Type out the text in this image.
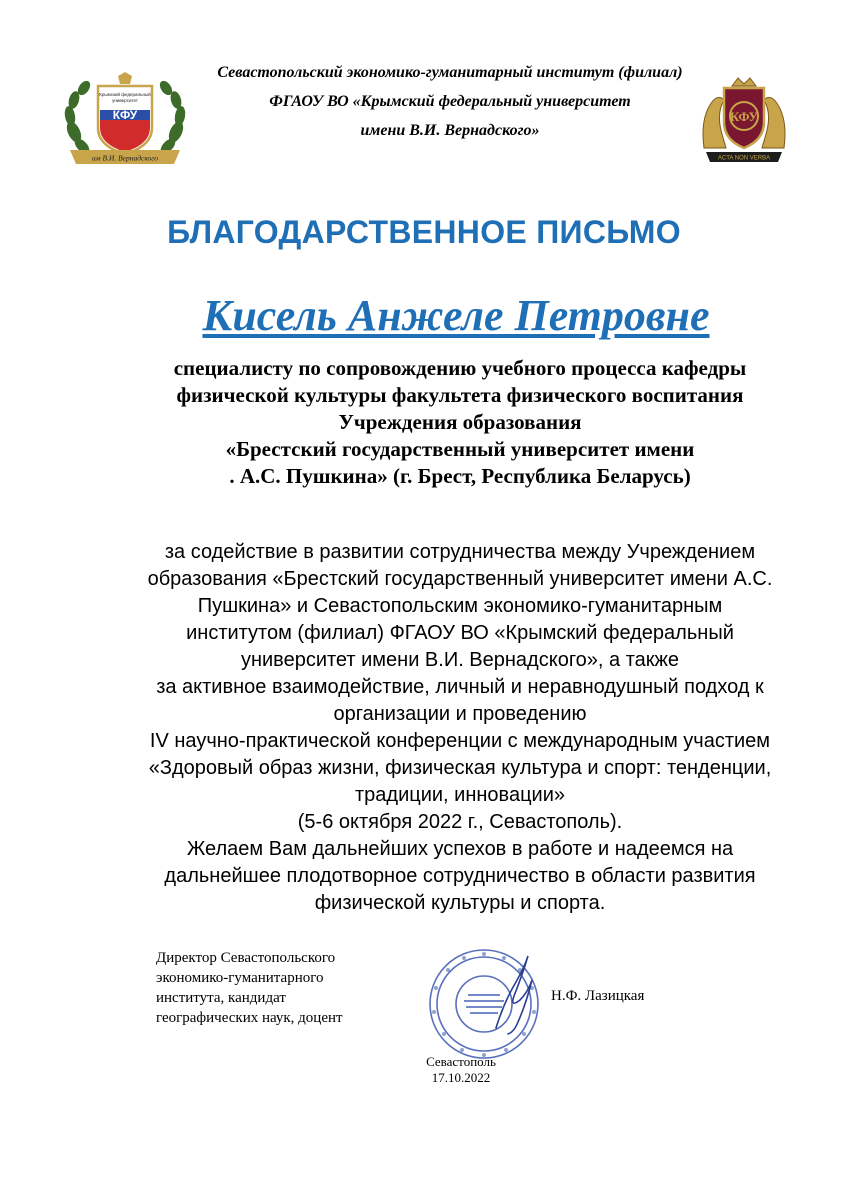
Севастопольский экономико-гуманитарный институт (филиал)
ФГАОУ ВО «Крымский федеральный университет
имени В.И. Вернадского»
КФУ
Крымский федеральный
университет
им В.И. Вернадского
КФУ
ACTA NON VERBA
БЛАГОДАРСТВЕННОЕ ПИСЬМО
Кисель Анжеле Петровне
специалисту по сопровождению учебного процесса кафедры
физической культуры факультета физического воспитания
Учреждения образования
«Брестский государственный университет имени
. А.С. Пушкина» (г. Брест, Республика Беларусь)
за содействие в развитии сотрудничества между Учреждением
образования «Брестский государственный университет имени А.С.
Пушкина» и Севастопольским экономико-гуманитарным
институтом (филиал) ФГАОУ ВО «Крымский федеральный
университет имени В.И. Вернадского», а также
за активное взаимодействие, личный и неравнодушный подход к
организации и проведению
IV научно-практической конференции с международным участием
«Здоровый образ жизни, физическая культура и спорт: тенденции,
традиции, инновации»
(5-6 октября 2022 г., Севастополь).
Желаем Вам дальнейших успехов в работе и надеемся на
дальнейшее плодотворное сотрудничество в области развития
физической культуры и спорта.
Директор Севастопольского
экономико-гуманитарного
института, кандидат
географических наук, доцент
Н.Ф. Лазицкая
Севастополь
17.10.2022
